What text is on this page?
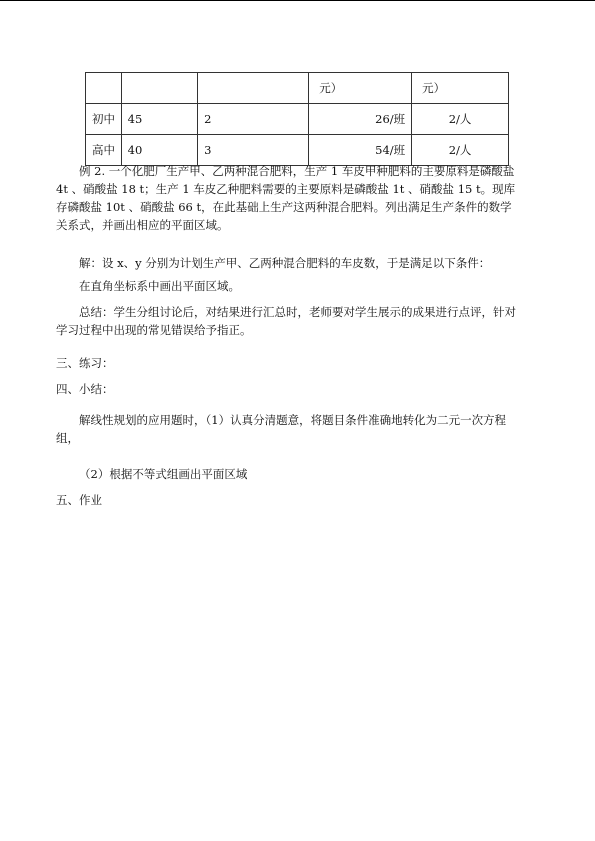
			元）	元）
初中	45	2	26/班	2/人
高中	40	3	54/班	2/人

例 2. 一个化肥厂生产甲、乙两种混合肥料，生产 1 车皮甲种肥料的主要原料是磷酸盐 4t 、硝酸盐 18 t；生产 1 车皮乙种肥料需要的主要原料是磷酸盐 1t 、硝酸盐 15 t。现库存磷酸盐 10t 、硝酸盐 66 t，在此基础上生产这两种混合肥料。列出满足生产条件的数学关系式，并画出相应的平面区域。

解：设 x、y 分别为计划生产甲、乙两种混合肥料的车皮数，于是满足以下条件：

在直角坐标系中画出平面区域。

总结：学生分组讨论后，对结果进行汇总时，老师要对学生展示的成果进行点评，针对学习过程中出现的常见错误给予指正。

三、练习：

四、小结：

解线性规划的应用题时，（1）认真分清题意，将题目条件准确地转化为二元一次方程组，

（2）根据不等式组画出平面区域

五、作业
